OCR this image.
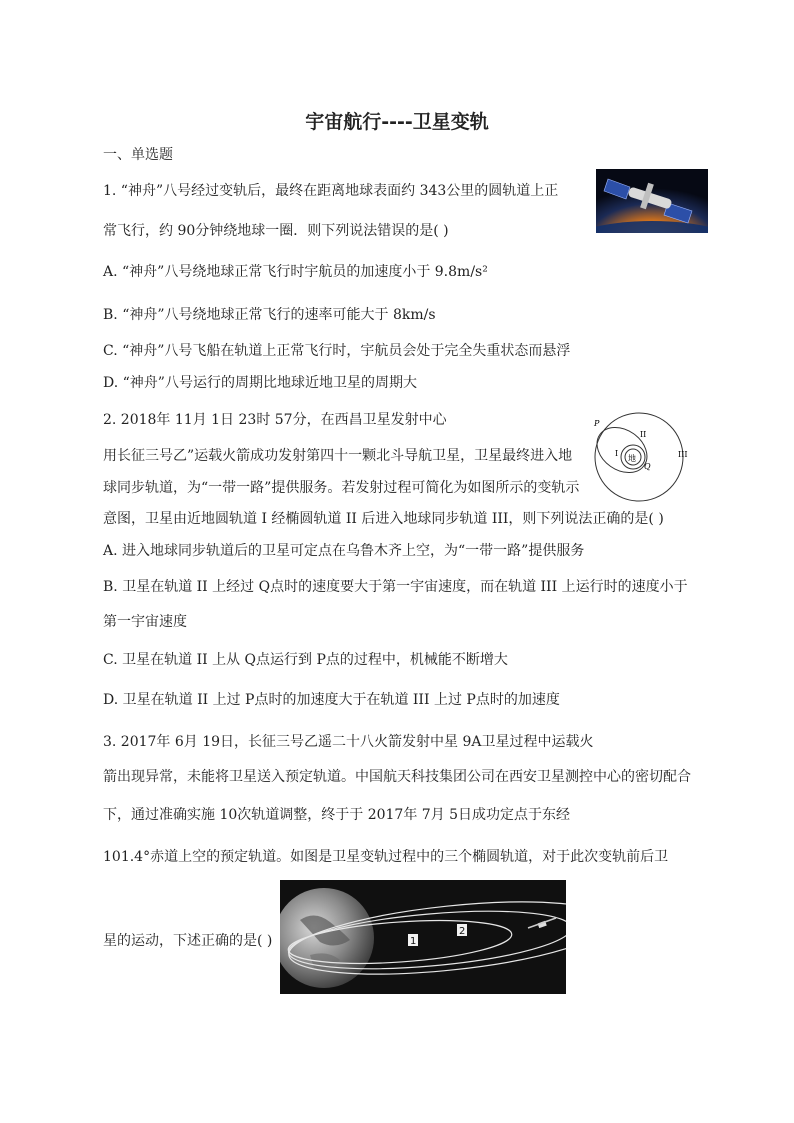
宇宙航行----卫星变轨
一、单选题
1. “神舟”八号经过变轨后，最终在距离地球表面约 343公里的圆轨道上正
常飞行，约 90分钟绕地球一圈．则下列说法错误的是( )
A. “神舟”八号绕地球正常飞行时宇航员的加速度小于 9.8m/s²
B. “神舟”八号绕地球正常飞行的速率可能大于 8km/s
C. “神舟”八号飞船在轨道上正常飞行时，宇航员会处于完全失重状态而悬浮
D. “神舟”八号运行的周期比地球近地卫星的周期大
2. 2018年 11月 1日 23时 57分，在西昌卫星发射中心
用长征三号乙”运载火箭成功发射第四十一颗北斗导航卫星，卫星最终进入地
球同步轨道，为“一带一路”提供服务。若发射过程可简化为如图所示的变轨示
意图，卫星由近地圆轨道 I 经椭圆轨道 II 后进入地球同步轨道 III，则下列说法正确的是( )
A. 进入地球同步轨道后的卫星可定点在乌鲁木齐上空，为“一带一路”提供服务
B. 卫星在轨道 II 上经过 Q点时的速度要大于第一宇宙速度，而在轨道 III 上运行时的速度小于
第一宇宙速度
C. 卫星在轨道 II 上从 Q点运行到 P点的过程中，机械能不断增大
D. 卫星在轨道 II 上过 P点时的加速度大于在轨道 III 上过 P点时的加速度
地
P
Q
I
II
III
3. 2017年 6月 19日，长征三号乙遥二十八火箭发射中星 9A卫星过程中运载火
箭出现异常，未能将卫星送入预定轨道。中国航天科技集团公司在西安卫星测控中心的密切配合
下，通过准确实施 10次轨道调整，终于于 2017年 7月 5日成功定点于东经
101.4°赤道上空的预定轨道。如图是卫星变轨过程中的三个椭圆轨道，对于此次变轨前后卫
星的运动，下述正确的是( )	1
2
